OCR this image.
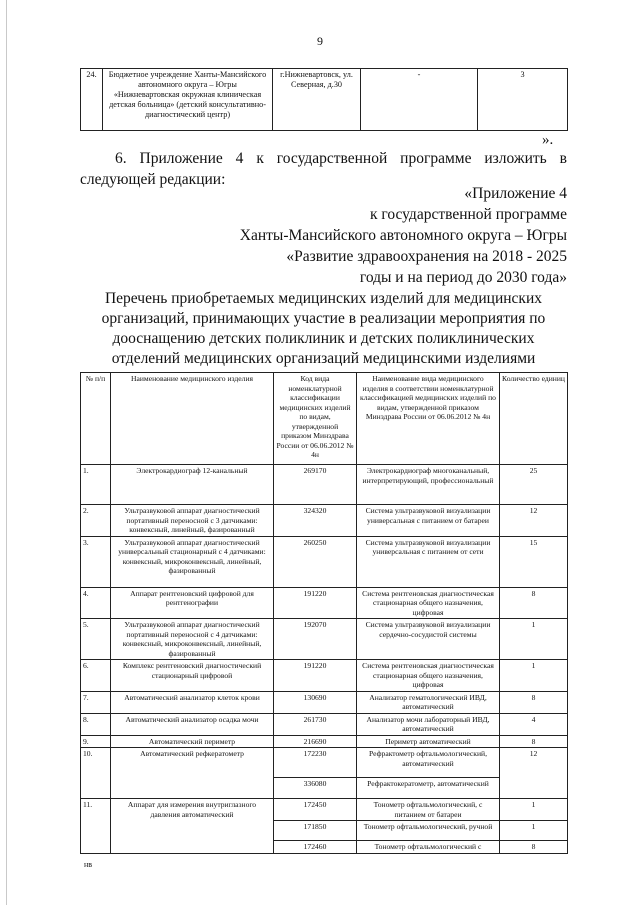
9
24.	Бюджетное учреждение Ханты-Мансийского автономного округа – Югры «Нижневартовская окружная клиническая детская больница» (детский консультативно-диагностический центр)	г.Нижневартовск, ул. Северная, д.30	-	3
».
6. Приложение 4 к государственной программе изложить в следующей редакции:
«Приложение 4
к государственной программе
Ханты-Мансийского автономного округа – Югры
«Развитие здравоохранения на 2018 - 2025
годы и на период до 2030 года»
Перечень приобретаемых медицинских изделий для медицинских организаций, принимающих участие в реализации мероприятия по дооснащению детских поликлиник и детских поликлинических отделений медицинских организаций медицинскими изделиями
№ п/п	Наименование медицинского изделия	Код вида номенклатурной классификации медицинских изделий по видам, утвержденной приказом Минздрава России от 06.06.2012 № 4н	Наименование вида медицинского изделия в соответствии номенклатурной классификацией медицинских изделий по видам, утвержденной приказом Минздрава России от 06.06.2012 № 4н	Количество единиц
1.	Электрокардиограф 12-канальный	269170	Электрокардиограф многоканальный, интерпретирующий, профессиональный	25
2.	Ультразвуковой аппарат диагностический портативный переносной с 3 датчиками: конвексный, линейный, фазированный	324320	Система ультразвуковой визуализации универсальная с питанием от батареи	12
3.	Ультразвуковой аппарат диагностический универсальный стационарный с 4 датчиками: конвексный, микроконвексный, линейный, фазированный	260250	Система ультразвуковой визуализации универсальная с питанием от сети	15
4.	Аппарат рентгеновский цифровой для рентгенографии	191220	Система рентгеновская диагностическая стационарная общего назначения, цифровая	8
5.	Ультразвуковой аппарат диагностический портативный переносной с 4 датчиками: конвексный, микроконвексный, линейный, фазированный	192070	Система ультразвуковой визуализации сердечно-сосудистой системы	1
6.	Комплекс рентгеновский диагностический стационарный цифровой	191220	Система рентгеновская диагностическая стационарная общего назначения, цифровая	1
7.	Автоматический анализатор клеток крови	130690	Анализатор гематологический ИВД, автоматический	8
8.	Автоматический анализатор осадка мочи	261730	Анализатор мочи лабораторный ИВД, автоматический	4
9.	Автоматический периметр	216690	Периметр автоматический	8
10.	Автоматический рефкератометр	172230	Рефрактометр офтальмологический, автоматический	12
		336080	Рефрактокератометр, автоматический	
11.	Аппарат для измерения внутриглазного давления автоматический	172450	Тонометр офтальмологический, с питанием от батареи	1
		171850	Тонометр офтальмологический, ручной	1
		172460	Тонометр офтальмологический с	8
нв
